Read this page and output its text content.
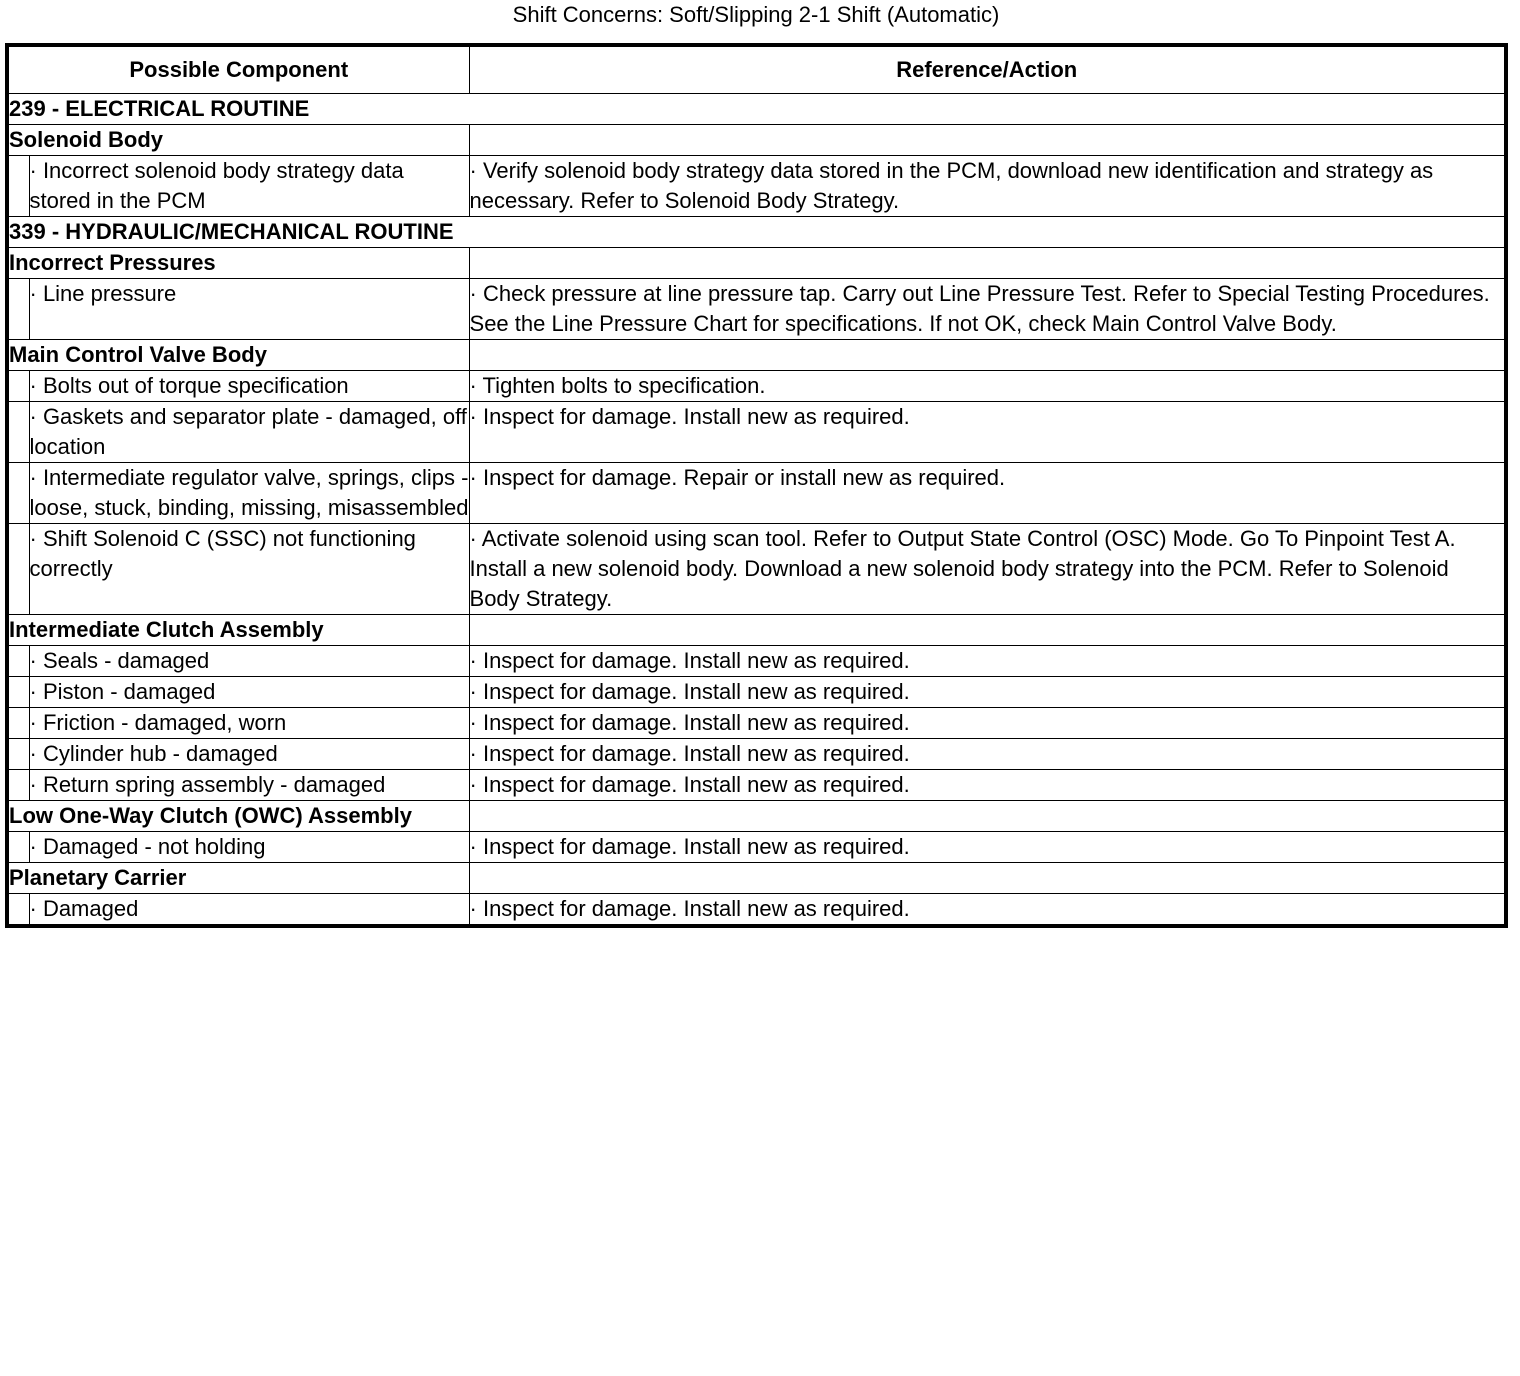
Shift Concerns: Soft/Slipping 2-1 Shift (Automatic)
Possible Component		Reference/Action
239 - ELECTRICAL ROUTINE		
Solenoid Body		
	· Incorrect solenoid body strategy data stored in the PCM	· Verify solenoid body strategy data stored in the PCM, download new identification and strategy as necessary. Refer to Solenoid Body Strategy.
339 - HYDRAULIC/MECHANICAL ROUTINE		
Incorrect Pressures		
	· Line pressure	· Check pressure at line pressure tap. Carry out Line Pressure Test. Refer to Special Testing Procedures. See the Line Pressure Chart for specifications. If not OK, check Main Control Valve Body.
Main Control Valve Body		
	· Bolts out of torque specification	· Tighten bolts to specification.
	· Gaskets and separator plate - damaged, off location	· Inspect for damage. Install new as required.
	· Intermediate regulator valve, springs, clips - loose, stuck, binding, missing, misassembled	· Inspect for damage. Repair or install new as required.
	· Shift Solenoid C (SSC) not functioning correctly	· Activate solenoid using scan tool. Refer to Output State Control (OSC) Mode. Go To Pinpoint Test A. Install a new solenoid body. Download a new solenoid body strategy into the PCM. Refer to Solenoid Body Strategy.
Intermediate Clutch Assembly		
	· Seals - damaged	· Inspect for damage. Install new as required.
	· Piston - damaged	· Inspect for damage. Install new as required.
	· Friction - damaged, worn	· Inspect for damage. Install new as required.
	· Cylinder hub - damaged	· Inspect for damage. Install new as required.
	· Return spring assembly - damaged	· Inspect for damage. Install new as required.
Low One-Way Clutch (OWC) Assembly		
	· Damaged - not holding	· Inspect for damage. Install new as required.
Planetary Carrier		
	· Damaged	· Inspect for damage. Install new as required.
